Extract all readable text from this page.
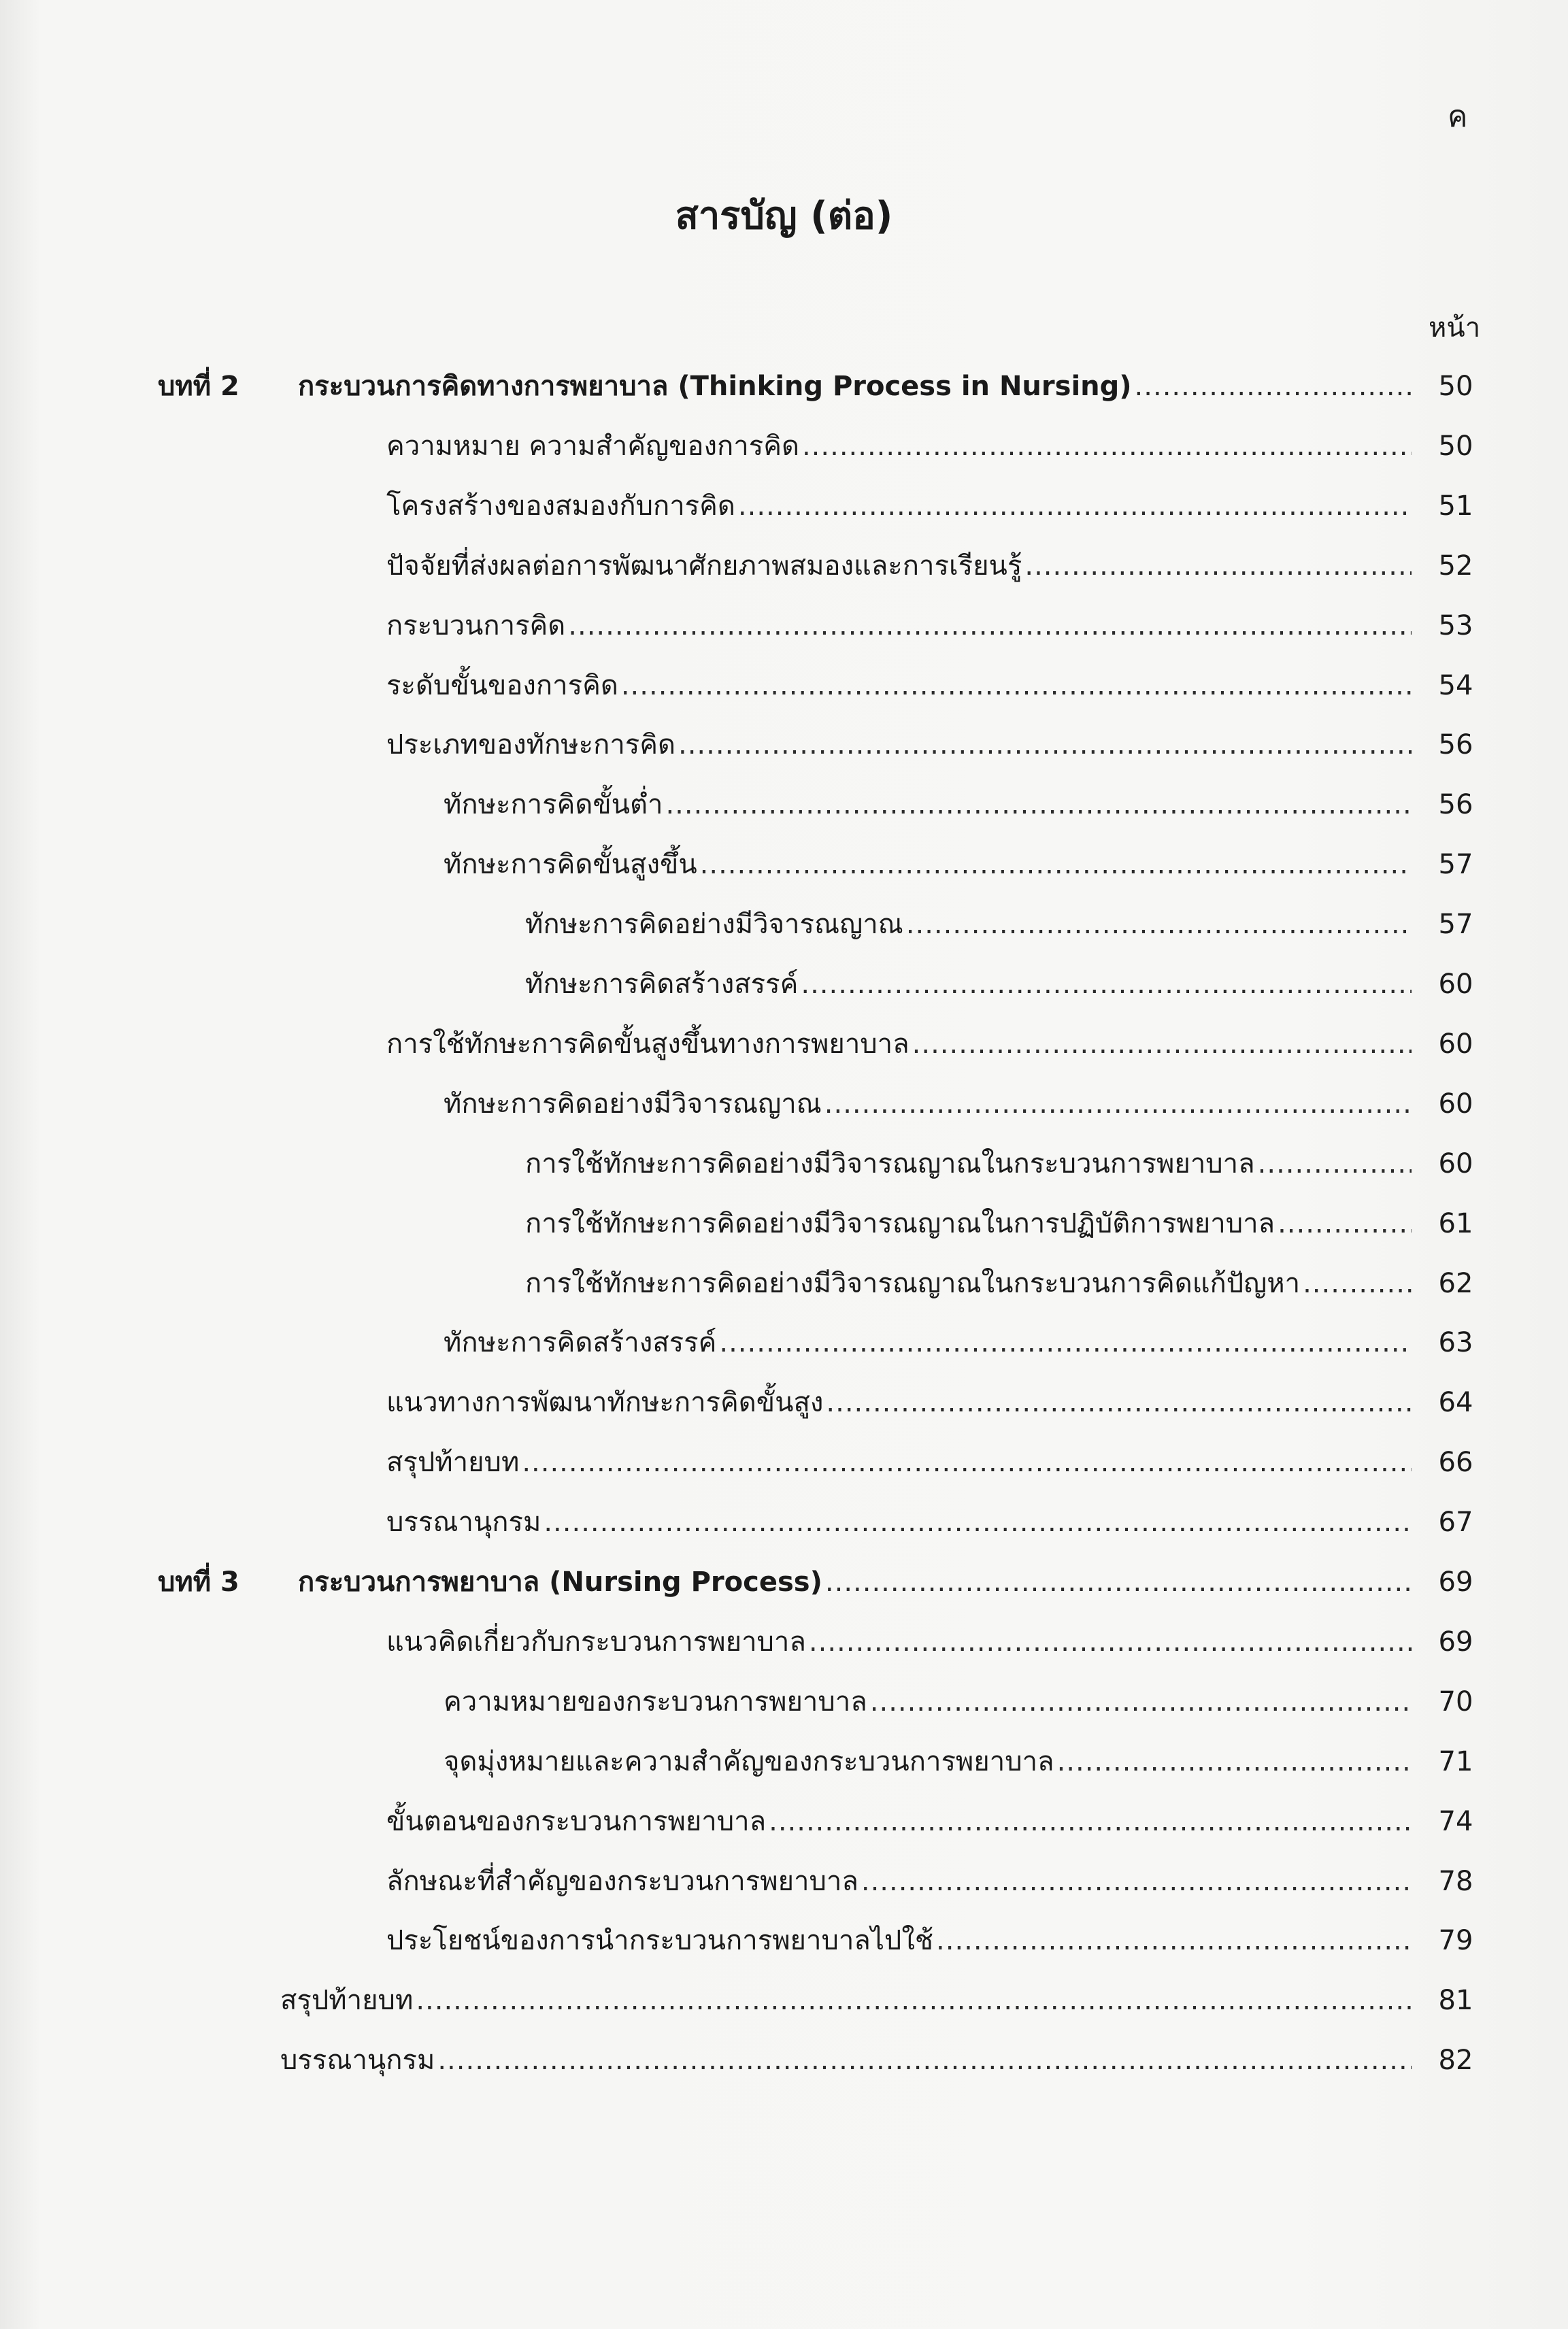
ค
สารบัญ (ต่อ)
หน้า
บทที่ 2 กระบวนการคิดทางการพยาบาล (Thinking Process in Nursing) .....	50
ความหมาย ความสำคัญของการคิด .....	50
โครงสร้างของสมองกับการคิด .....	51
ปัจจัยที่ส่งผลต่อการพัฒนาศักยภาพสมองและการเรียนรู้ .....	52
กระบวนการคิด .....	53
ระดับขั้นของการคิด .....	54
ประเภทของทักษะการคิด .....	56
ทักษะการคิดขั้นต่ำ .....	56
ทักษะการคิดขั้นสูงขึ้น .....	57
ทักษะการคิดอย่างมีวิจารณญาณ .....	57
ทักษะการคิดสร้างสรรค์ .....	60
การใช้ทักษะการคิดขั้นสูงขึ้นทางการพยาบาล .....	60
ทักษะการคิดอย่างมีวิจารณญาณ .....	60
การใช้ทักษะการคิดอย่างมีวิจารณญาณในกระบวนการพยาบาล .....	60
การใช้ทักษะการคิดอย่างมีวิจารณญาณในการปฏิบัติการพยาบาล .....	61
การใช้ทักษะการคิดอย่างมีวิจารณญาณในกระบวนการคิดแก้ปัญหา .....	62
ทักษะการคิดสร้างสรรค์ .....	63
แนวทางการพัฒนาทักษะการคิดขั้นสูง .....	64
สรุปท้ายบท .....	66
บรรณานุกรม .....	67
บทที่ 3 กระบวนการพยาบาล (Nursing Process) .....	69
แนวคิดเกี่ยวกับกระบวนการพยาบาล .....	69
ความหมายของกระบวนการพยาบาล .....	70
จุดมุ่งหมายและความสำคัญของกระบวนการพยาบาล .....	71
ขั้นตอนของกระบวนการพยาบาล .....	74
ลักษณะที่สำคัญของกระบวนการพยาบาล .....	78
ประโยชน์ของการนำกระบวนการพยาบาลไปใช้ .....	79
สรุปท้ายบท .....	81
บรรณานุกรม .....	82
